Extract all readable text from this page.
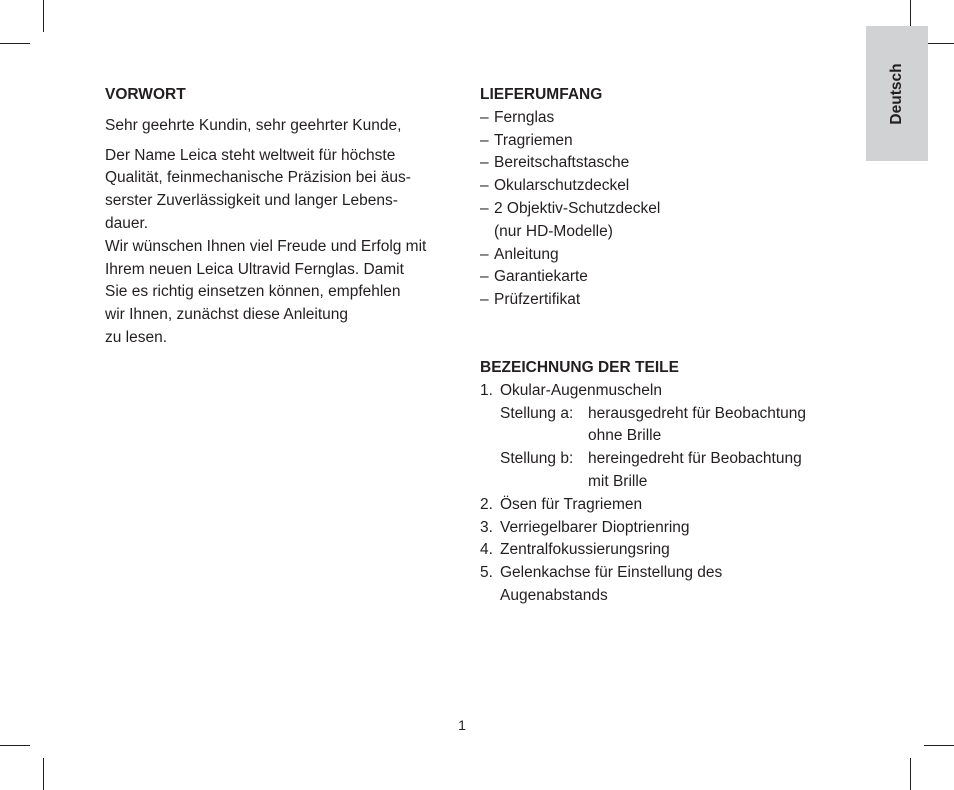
VORWORT

Sehr geehrte Kundin, sehr geehrter Kunde,

Der Name Leica steht weltweit für höchste
Qualität, feinmechanische Präzision bei äus-
serster Zuverlässigkeit und langer Lebens-
dauer.
Wir wünschen Ihnen viel Freude und Erfolg mit
Ihrem neuen Leica Ultravid Fernglas. Damit
Sie es richtig einsetzen können, empfehlen
wir Ihnen, zunächst diese Anleitung
zu lesen.
LIEFERUMFANG
– Fernglas
– Tragriemen
– Bereitschaftstasche
– Okularschutzdeckel
– 2 Objektiv-Schutzdeckel
(nur HD-Modelle)
– Anleitung
– Garantiekarte
– Prüfzertifikat
BEZEICHNUNG DER TEILE
1. Okular-Augenmuscheln
Stellung a: herausgedreht für Beobachtung
ohne Brille
Stellung b: hereingedreht für Beobachtung
mit Brille
2. Ösen für Tragriemen
3. Verriegelbarer Dioptrienring
4. Zentralfokussierungsring
5. Gelenkachse für Einstellung des
Augenabstands
Deutsch
1
